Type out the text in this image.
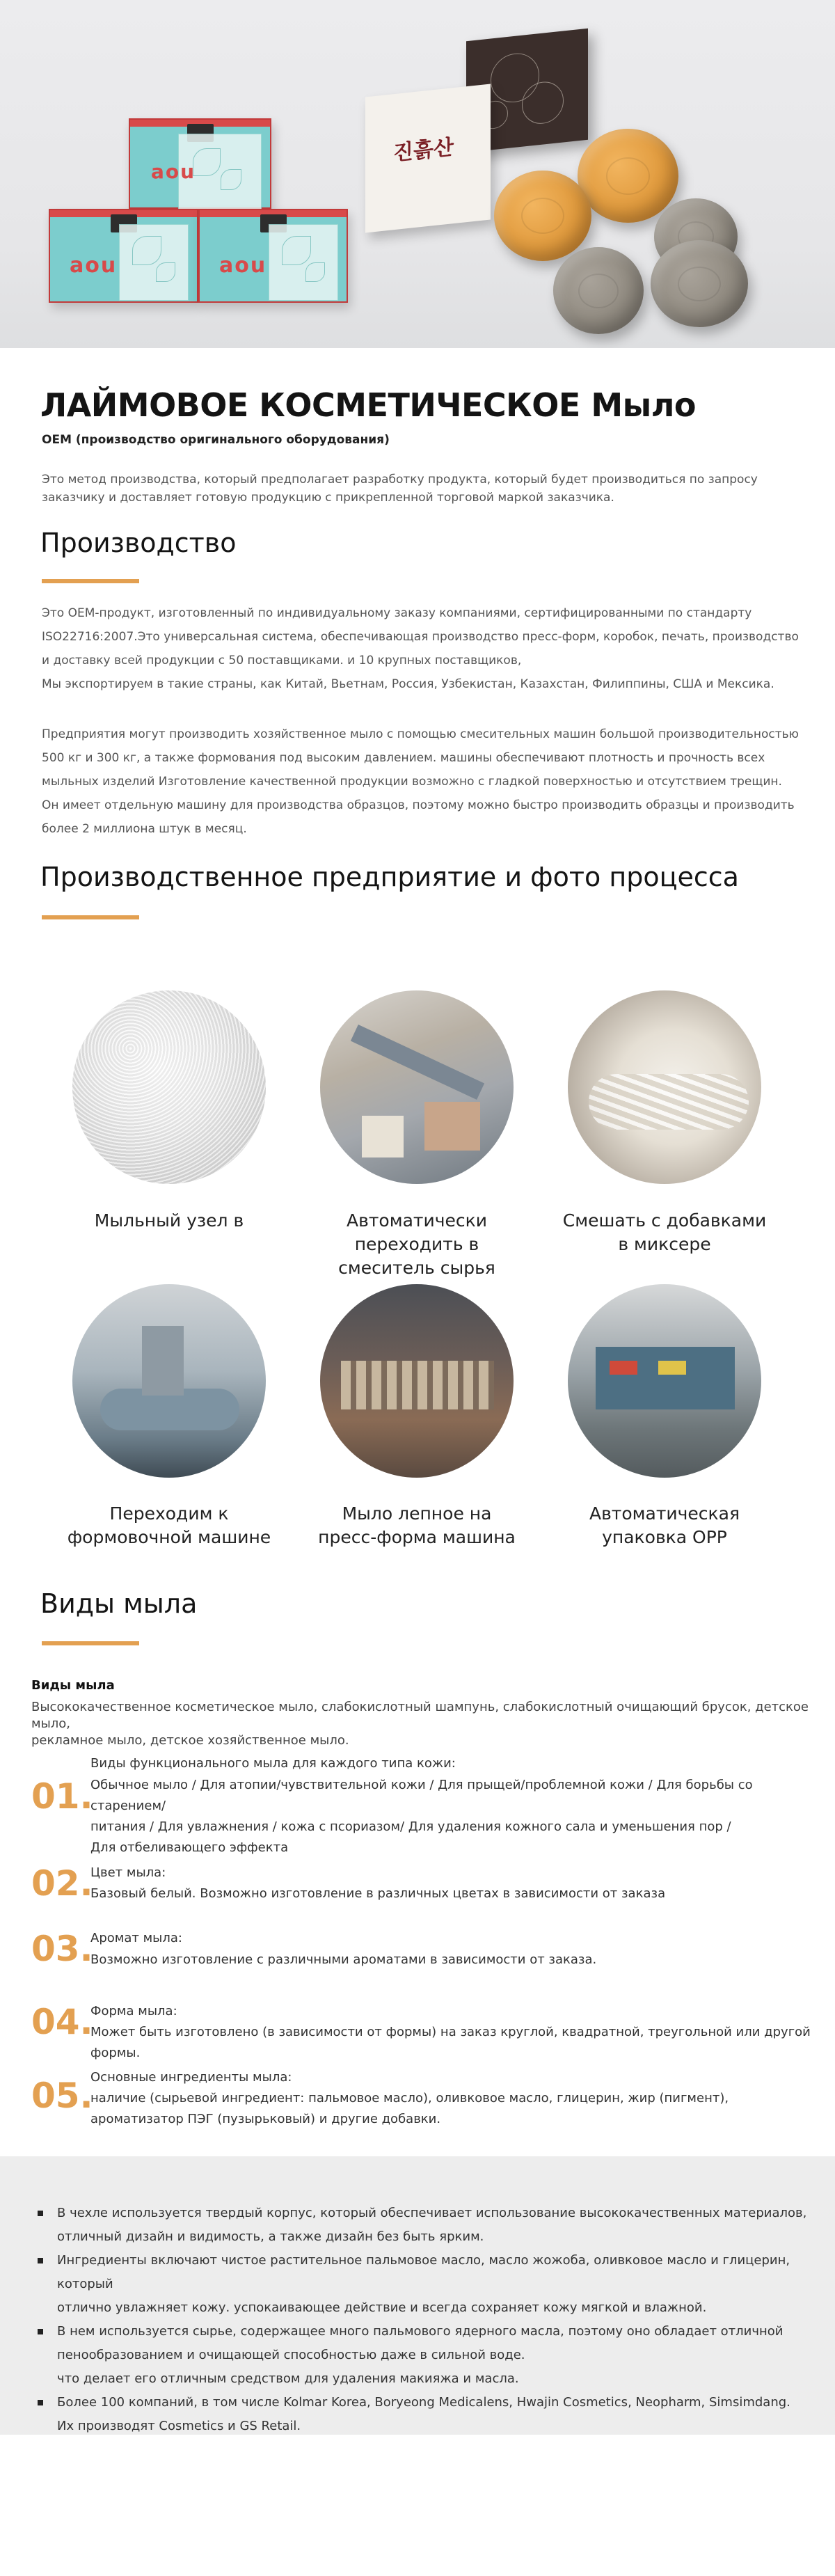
aou
aou	aou
진흙산
ЛАЙМОВОЕ КОСМЕТИЧЕСКОЕ Мыло
OEM (производство оригинального оборудования)
Это метод производства, который предполагает разработку продукта, который будет производиться по запросу
заказчику и доставляет готовую продукцию с прикрепленной торговой маркой заказчика.
Производство
Это OEM-продукт, изготовленный по индивидуальному заказу компаниями, сертифицированными по стандарту
ISO22716:2007.Это универсальная система, обеспечивающая производство пресс-форм, коробок, печать, производство
и доставку всей продукции с 50 поставщиками. и 10 крупных поставщиков,
Мы экспортируем в такие страны, как Китай, Вьетнам, Россия, Узбекистан, Казахстан, Филиппины, США и Мексика.
Предприятия могут производить хозяйственное мыло с помощью смесительных машин большой производительностью
500 кг и 300 кг, а также формования под высоким давлением. машины обеспечивают плотность и прочность всех
мыльных изделий Изготовление качественной продукции возможно с гладкой поверхностью и отсутствием трещин.
Он имеет отдельную машину для производства образцов, поэтому можно быстро производить образцы и производить
более 2 миллиона штук в месяц.
Производственное предприятие и фото процесса
Мыльный узел в	Автоматически переходить в
смеситель сырья
Смешать с добавками
в миксере
Переходим к
формовочной машине
Мыло лепное на
пресс-форма машина
Автоматическая упаковка OPP
Виды мыла
Виды мыла
Высококачественное косметическое мыло, слабокислотный шампунь, слабокислотный очищающий брусок, детское мыло,
рекламное мыло, детское хозяйственное мыло.
01.
Виды функционального мыла для каждого типа кожи:
Обычное мыло / Для атопии/чувствительной кожи / Для прыщей/проблемной кожи / Для борьбы со старением/
питания / Для увлажнения / кожа с псориазом/ Для удаления кожного сала и уменьшения пор /
Для отбеливающего эффекта
02.
Цвет мыла:
Базовый белый. Возможно изготовление в различных цветах в зависимости от заказа
03.
Аромат мыла:
Возможно изготовление с различными ароматами в зависимости от заказа.
04.
Форма мыла:
Может быть изготовлено (в зависимости от формы) на заказ круглой, квадратной, треугольной или другой формы.
05.
Основные ингредиенты мыла:
наличие (сырьевой ингредиент: пальмовое масло), оливковое масло, глицерин, жир (пигмент),
ароматизатор ПЭГ (пузырьковый) и другие добавки.
В чехле используется твердый корпус, который обеспечивает использование высококачественных материалов,
отличный дизайн и видимость, а также дизайн без быть ярким.
Ингредиенты включают чистое растительное пальмовое масло, масло жожоба, оливковое масло и глицерин, который
отлично увлажняет кожу. успокаивающее действие и всегда сохраняет кожу мягкой и влажной.
В нем используется сырье, содержащее много пальмового ядерного масла, поэтому оно обладает отличной
пенообразованием и очищающей способностью даже в сильной воде.
что делает его отличным средством для удаления макияжа и масла.
Более 100 компаний, в том числе Kolmar Korea, Boryeong Medicalens, Hwajin Cosmetics, Neopharm, Simsimdang.
Их производят Cosmetics и GS Retail.
